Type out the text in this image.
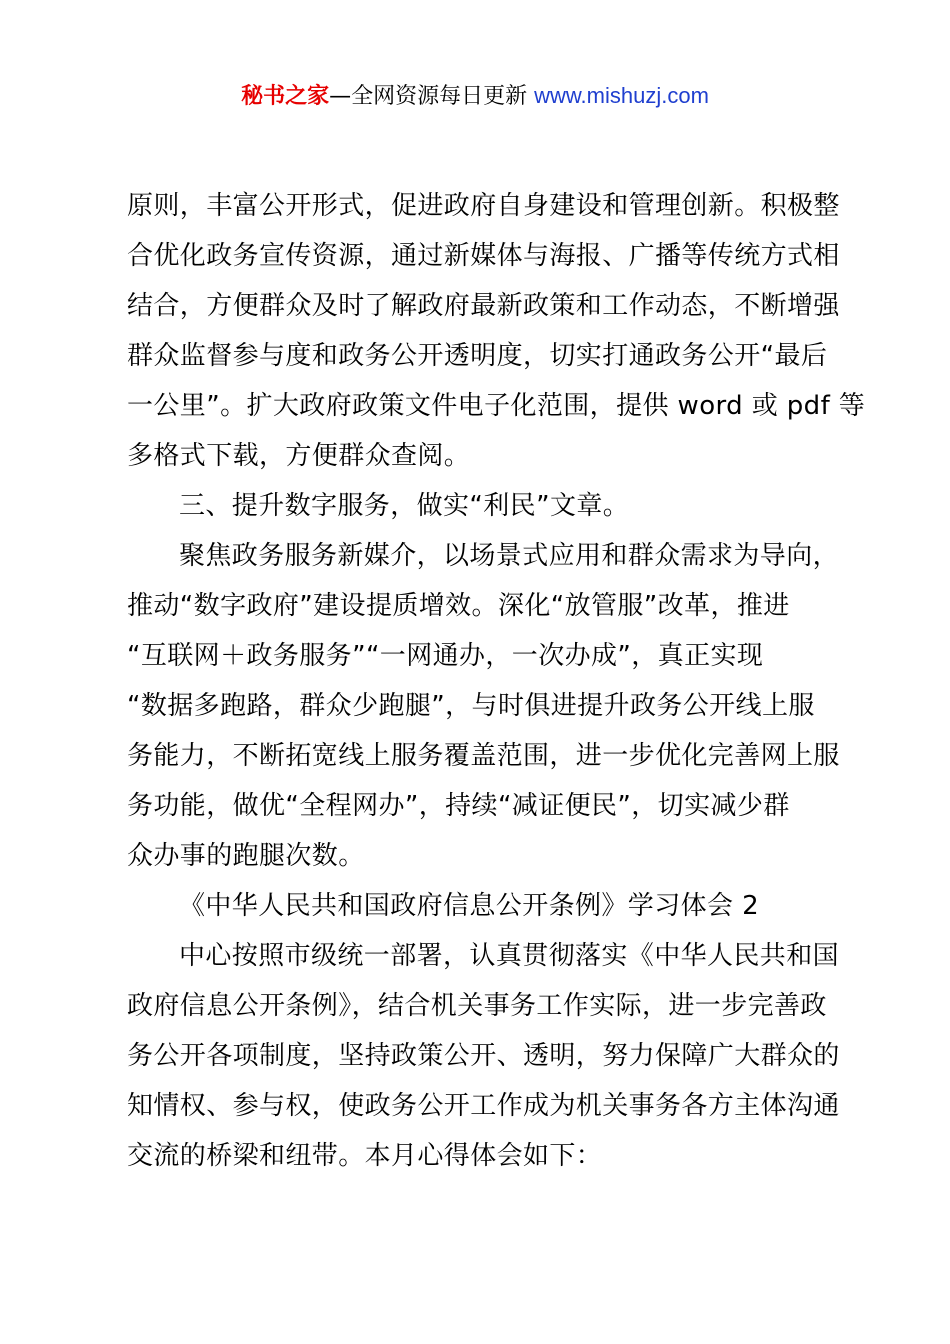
秘书之家—全网资源每日更新 www.mishuzj.com
原则，丰富公开形式，促进政府自身建设和管理创新。积极整
合优化政务宣传资源，通过新媒体与海报、广播等传统方式相
结合，方便群众及时了解政府最新政策和工作动态，不断增强
群众监督参与度和政务公开透明度，切实打通政务公开“最后
一公里”。扩大政府政策文件电子化范围，提供 word 或 pdf 等
多格式下载，方便群众查阅。
三、提升数字服务，做实“利民”文章。
聚焦政务服务新媒介，以场景式应用和群众需求为导向，
推动“数字政府”建设提质增效。深化“放管服”改革，推进
“互联网＋政务服务”“一网通办，一次办成”，真正实现
“数据多跑路，群众少跑腿”，与时俱进提升政务公开线上服
务能力，不断拓宽线上服务覆盖范围，进一步优化完善网上服
务功能，做优“全程网办”，持续“减证便民”，切实减少群
众办事的跑腿次数。
《中华人民共和国政府信息公开条例》学习体会 2
中心按照市级统一部署，认真贯彻落实《中华人民共和国
政府信息公开条例》，结合机关事务工作实际，进一步完善政
务公开各项制度，坚持政策公开、透明，努力保障广大群众的
知情权、参与权，使政务公开工作成为机关事务各方主体沟通
交流的桥梁和纽带。本月心得体会如下：
